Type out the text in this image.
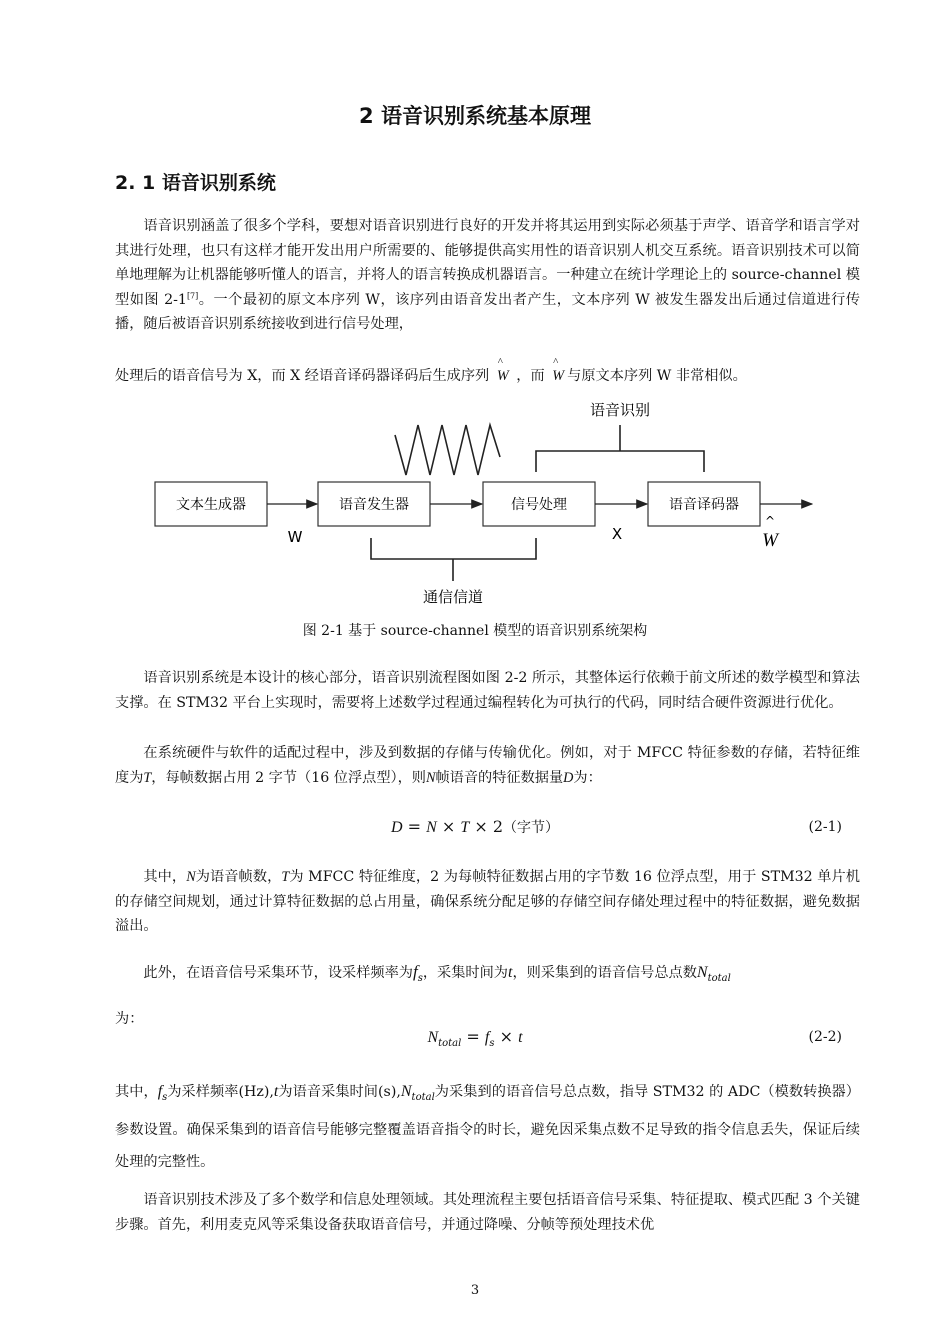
2 语音识别系统基本原理
2. 1 语音识别系统

语音识别涵盖了很多个学科，要想对语音识别进行良好的开发并将其运用到实际必须基于声学、语音学和语言学对其进行处理，也只有这样才能开发出用户所需要的、能够提供高实用性的语音识别人机交互系统。语音识别技术可以简单地理解为让机器能够听懂人的语言，并将人的语言转换成机器语言。一种建立在统计学理论上的 source-channel 模型如图 2-1[7]。一个最初的原文本序列 W，该序列由语音发出者产生，文本序列 W 被发生器发出后通过信道进行传播，随后被语音识别系统接收到进行信号处理，

处理后的语音信号为 X，而 X 经语音译码器译码后生成序列
^
W ，而
^
W 与原文本序列 W 非常相似。

文本生成器	语音发生器	信号处理	语音译码器
语音识别
通信信道
W	X
^
W
图 2-1 基于 source-channel 模型的语音识别系统架构

语音识别系统是本设计的核心部分，语音识别流程图如图 2-2 所示，其整体运行依赖于前文所述的数学模型和算法支撑。在 STM32 平台上实现时，需要将上述数学过程通过编程转化为可执行的代码，同时结合硬件资源进行优化。

在系统硬件与软件的适配过程中，涉及到数据的存储与传输优化。例如，对于 MFCC 特征参数的存储，若特征维度为T，每帧数据占用 2 字节（16 位浮点型），则N帧语音的特征数据量D为：

D = N × T × 2（字节）	(2-1)

其中，N为语音帧数，T为 MFCC 特征维度，2 为每帧特征数据占用的字节数 16 位浮点型，用于 STM32 单片机的存储空间规划，通过计算特征数据的总占用量，确保系统分配足够的存储空间存储处理过程中的特征数据，避免数据溢出。

此外，在语音信号采集环节，设采样频率为$f_s$，采集时间为t，则采集到的语音信号总点数$N_{total}$
为：

$N_{total} = f_s \times t$	(2-2)

其中，$f_s$为采样频率(Hz),t为语音采集时间$(s),N_{total}$为采集到的语音信号总点数，指导 STM32 的 ADC（模数转换器）参数设置。确保采集到的语音信号能够完整覆盖语音指令的时长，避免因采集点数不足导致的指令信息丢失，保证后续处理的完整性。

语音识别技术涉及了多个数学和信息处理领域。其处理流程主要包括语音信号采集、特征提取、模式匹配 3 个关键步骤。首先，利用麦克风等采集设备获取语音信号，并通过降噪、分帧等预处理技术优

3
